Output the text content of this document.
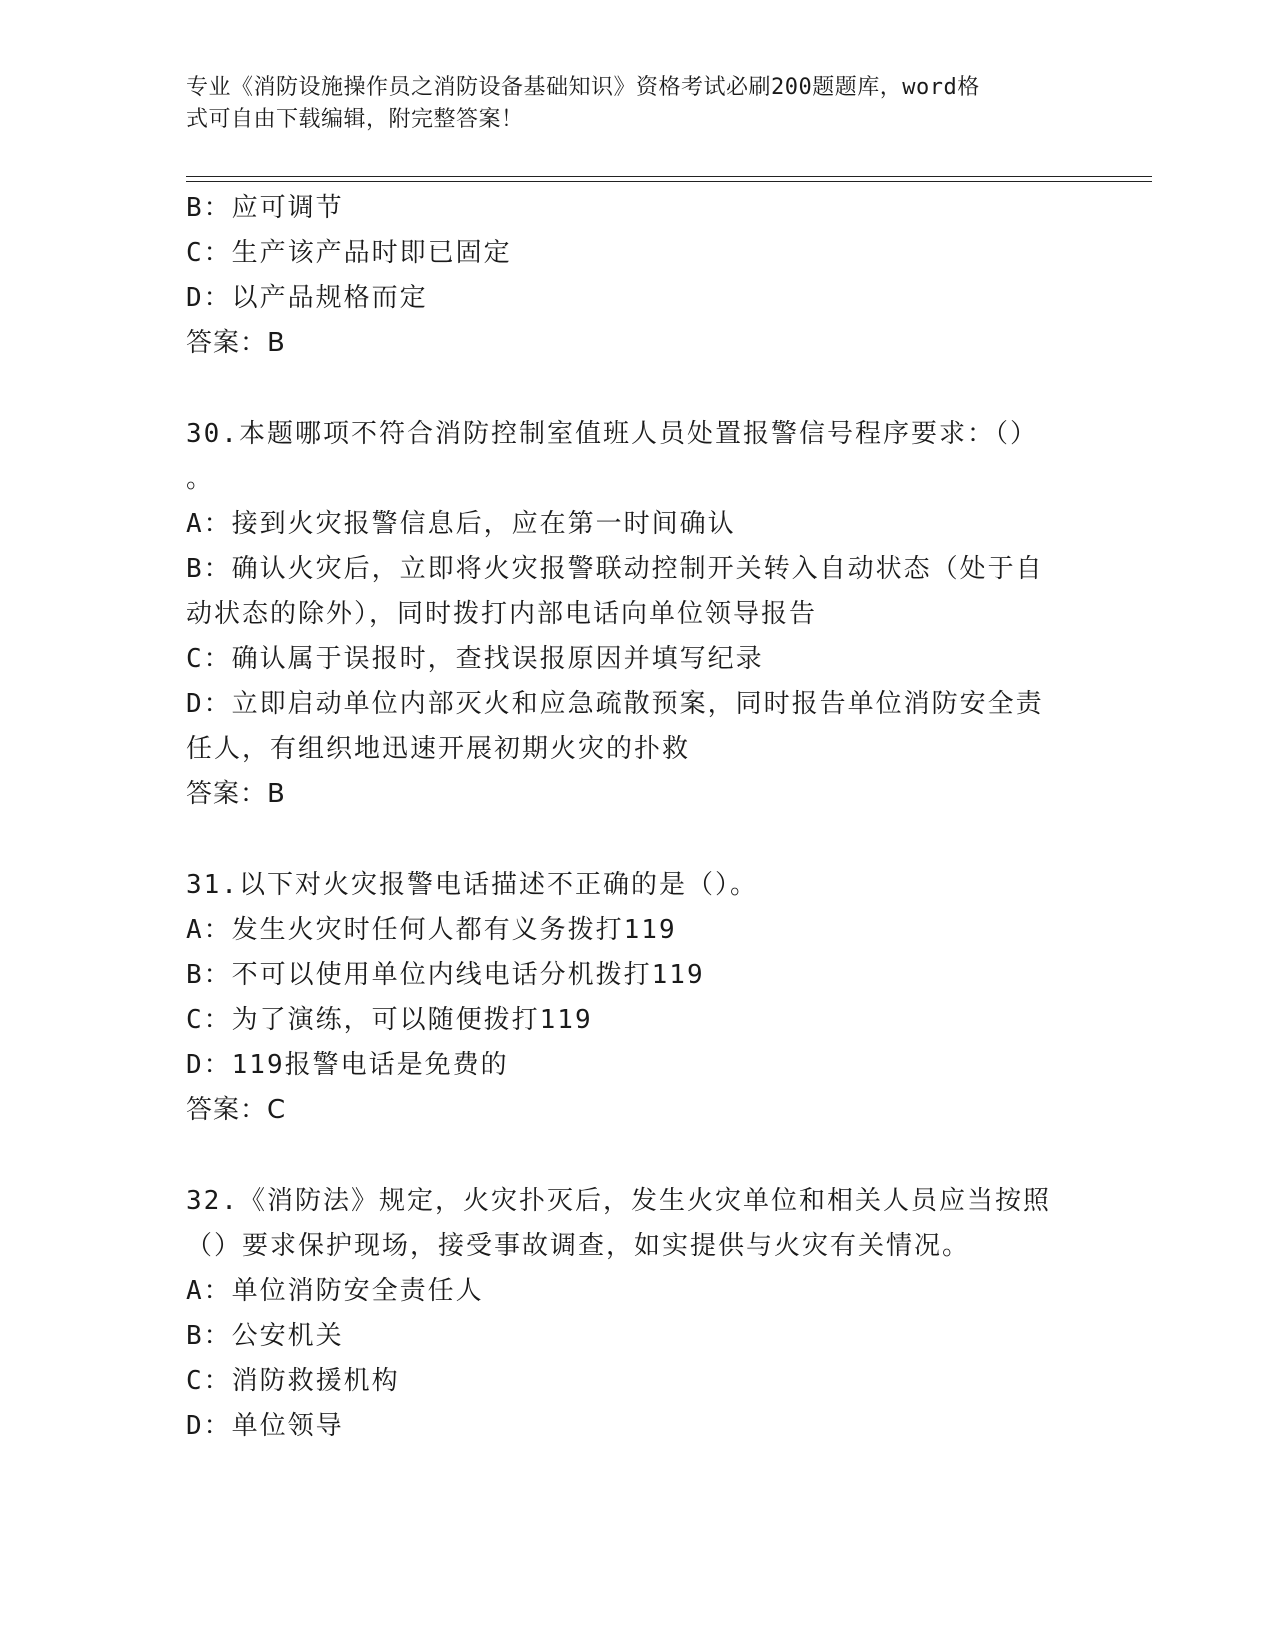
专业《消防设施操作员之消防设备基础知识》资格考试必刷200题题库，word格
式可自由下载编辑，附完整答案！
B：应可调节
C：生产该产品时即已固定
D：以产品规格而定
答案：B
30.本题哪项不符合消防控制室值班人员处置报警信号程序要求：（）
。
A：接到火灾报警信息后，应在第一时间确认
B：确认火灾后，立即将火灾报警联动控制开关转入自动状态（处于自
动状态的除外），同时拨打内部电话向单位领导报告
C：确认属于误报时，查找误报原因并填写纪录
D：立即启动单位内部灭火和应急疏散预案，同时报告单位消防安全责
任人，有组织地迅速开展初期火灾的扑救
答案：B
31.以下对火灾报警电话描述不正确的是（）。
A：发生火灾时任何人都有义务拨打119
B：不可以使用单位内线电话分机拨打119
C：为了演练，可以随便拨打119
D：119报警电话是免费的
答案：C
32.《消防法》规定，火灾扑灭后，发生火灾单位和相关人员应当按照
（）要求保护现场，接受事故调查，如实提供与火灾有关情况。
A：单位消防安全责任人
B：公安机关
C：消防救援机构
D：单位领导
